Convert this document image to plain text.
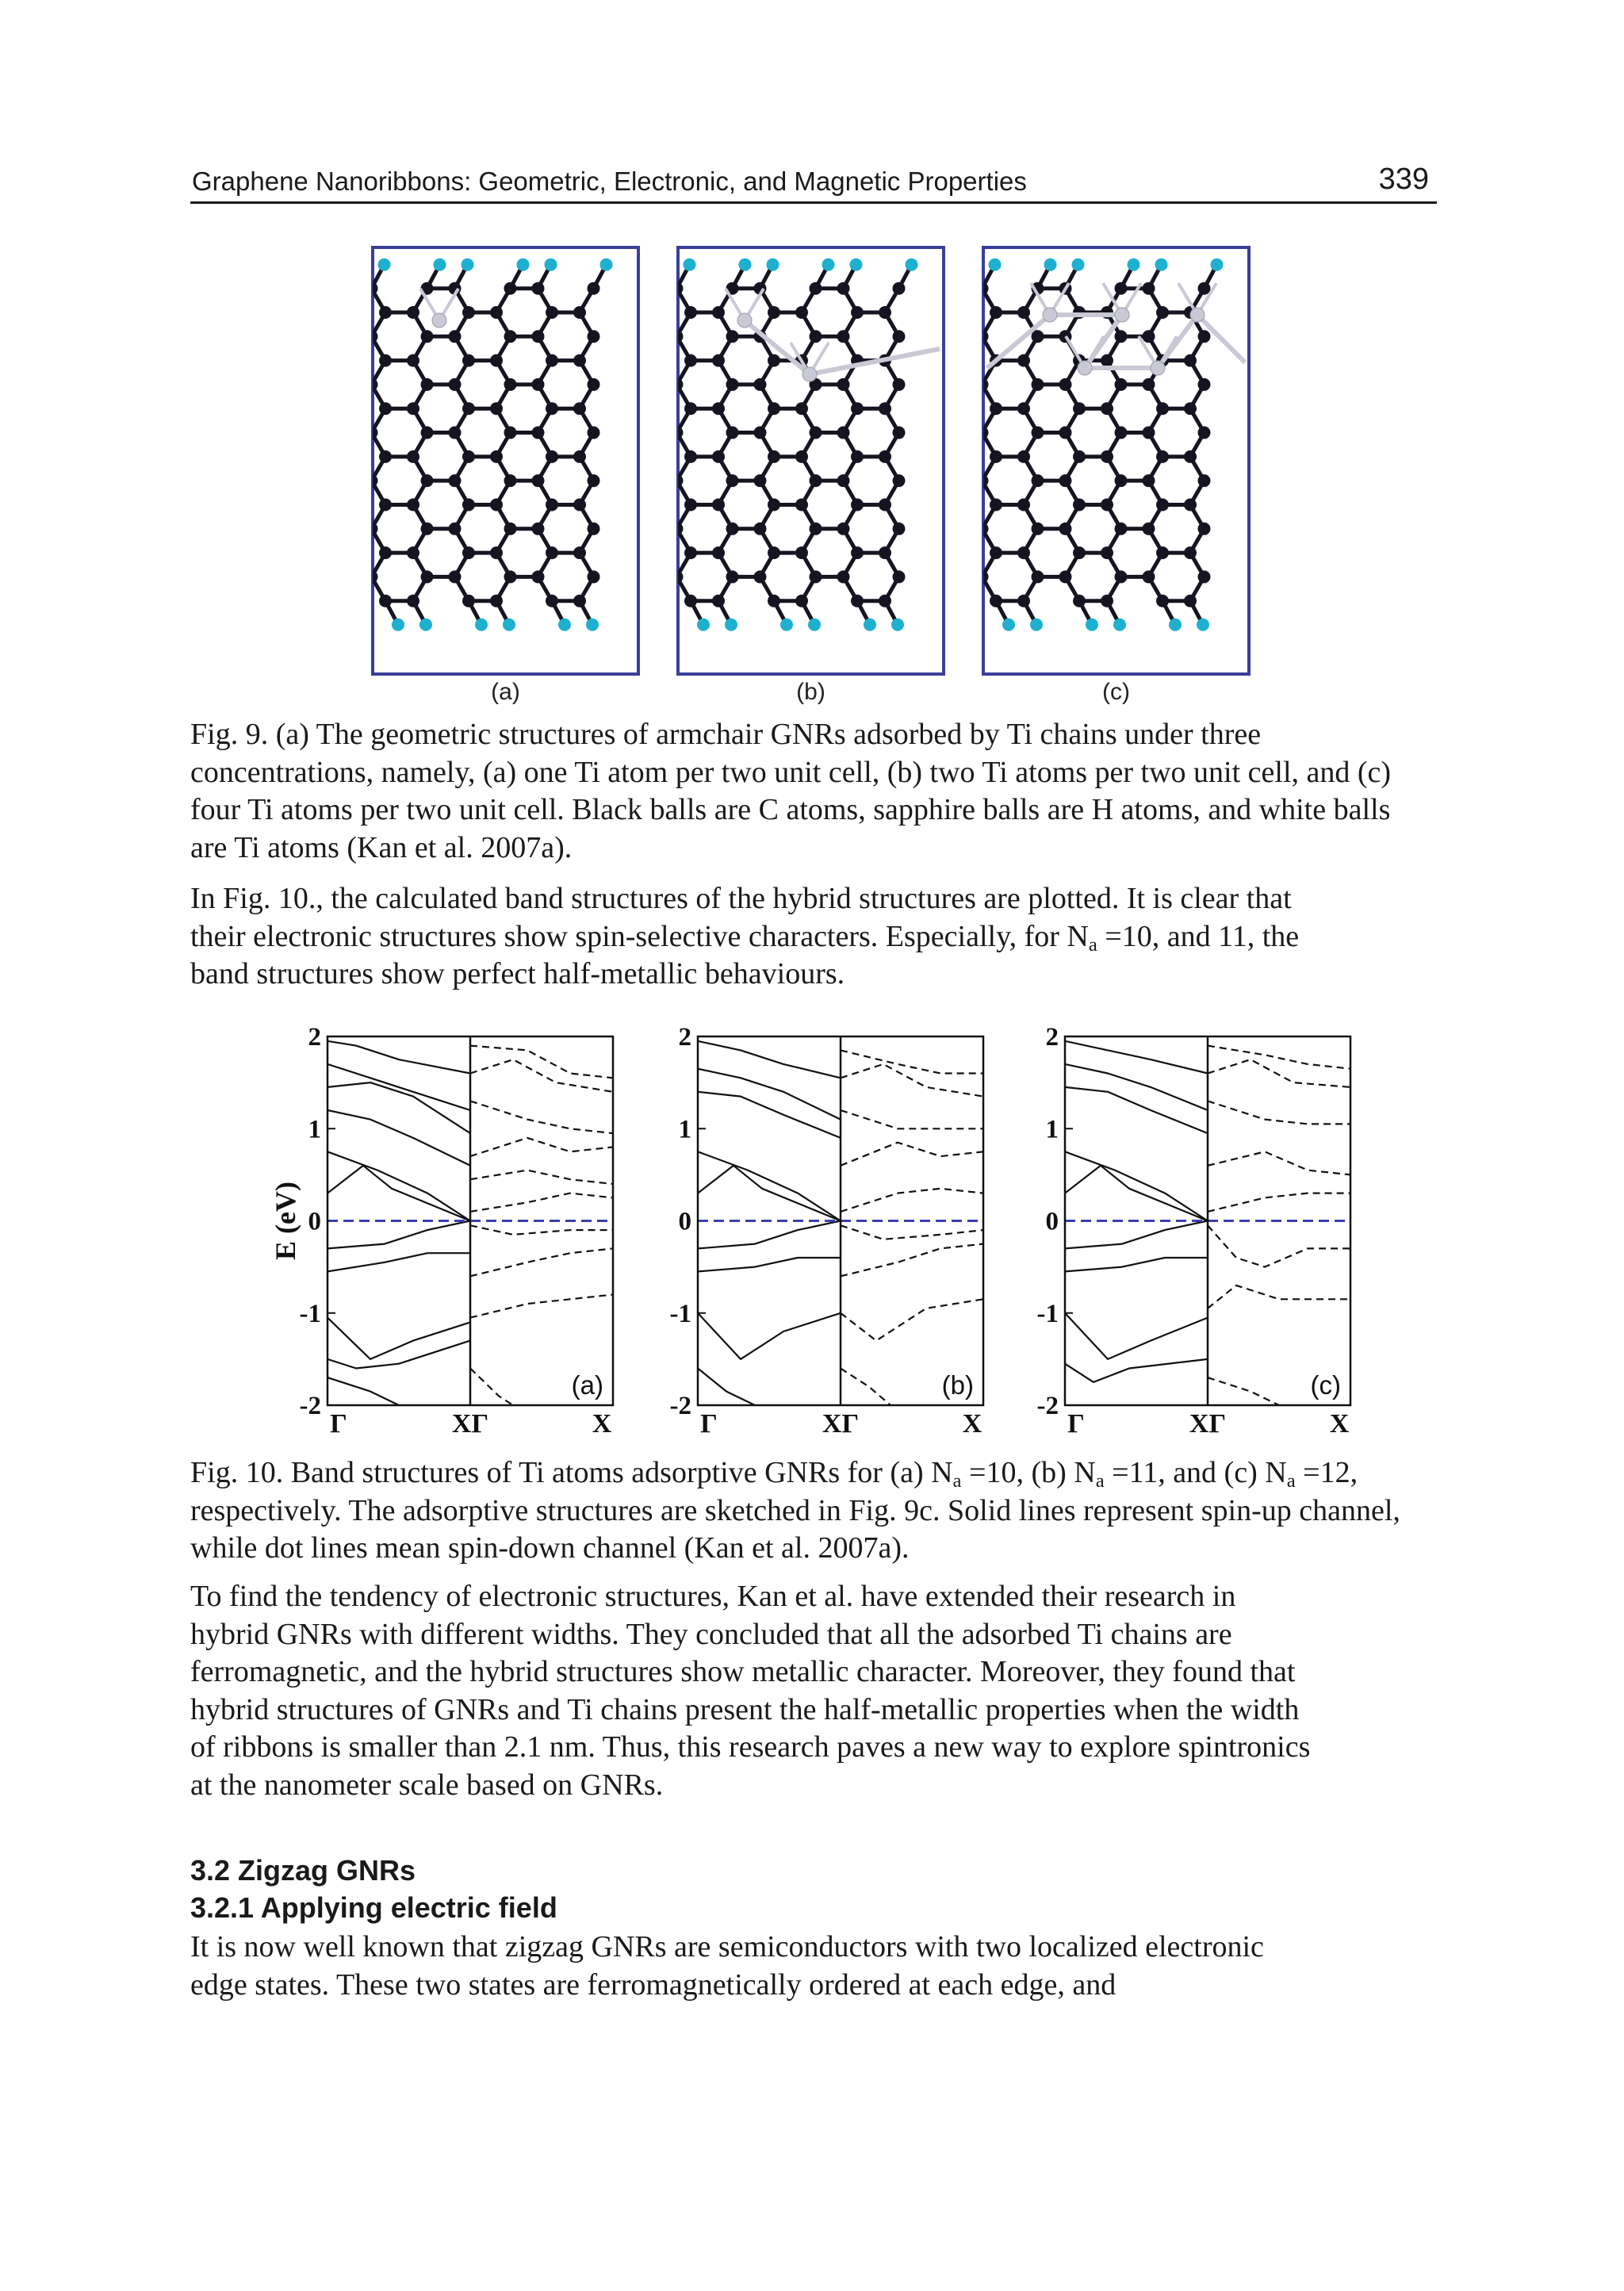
Graphene Nanoribbons: Geometric, Electronic, and Magnetic Properties	339
(a)	(b)	(c)

Fig. 9. (a) The geometric structures of armchair GNRs adsorbed by Ti chains under three concentrations, namely, (a) one Ti atom per two unit cell, (b) two Ti atoms per two unit cell, and (c) four Ti atoms per two unit cell. Black balls are C atoms, sapphire balls are H atoms, and white balls are Ti atoms (Kan et al. 2007a).

In Fig. 10., the calculated band structures of the hybrid structures are plotted. It is clear that
their electronic structures show spin-selective characters. Especially, for $N_a =10$, and 11, the
band structures show perfect half-metallic behaviours.

E (eV)
2
1
0
-1
-2
Γ	XΓ	X
(a)
2
1
0
-1
-2
Γ	XΓ	X
(b)
2
1
0
-1
-2
Γ	XΓ	X
(c)

Fig. 10. Band structures of Ti atoms adsorptive GNRs for (a) $N_a =10$, (b) $N_a =11$, and (c) $N_a =12$, respectively. The adsorptive structures are sketched in Fig. 9c. Solid lines represent spin-up channel, while dot lines mean spin-down channel (Kan et al. 2007a).

To find the tendency of electronic structures, Kan et al. have extended their research in
hybrid GNRs with different widths. They concluded that all the adsorbed Ti chains are
ferromagnetic, and the hybrid structures show metallic character. Moreover, they found that
hybrid structures of GNRs and Ti chains present the half-metallic properties when the width
of ribbons is smaller than 2.1 nm. Thus, this research paves a new way to explore spintronics
at the nanometer scale based on GNRs.

3.2 Zigzag GNRs
3.2.1 Applying electric field

It is now well known that zigzag GNRs are semiconductors with two localized electronic
edge states. These two states are ferromagnetically ordered at each edge, and
